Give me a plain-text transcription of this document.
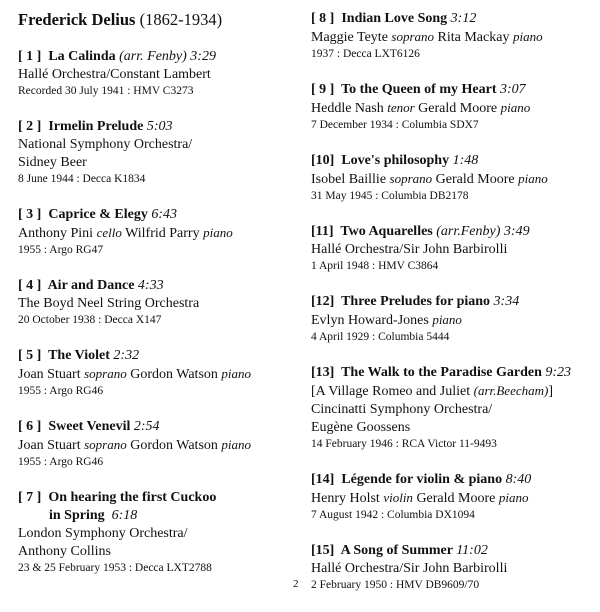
Frederick Delius (1862-1934)
[ 1 ] La Calinda (arr. Fenby) 3:29
Hallé Orchestra/Constant Lambert
Recorded 30 July 1941 : HMV C3273
[ 2 ] Irmelin Prelude 5:03
National Symphony Orchestra/
Sidney Beer
8 June 1944 : Decca K1834
[ 3 ] Caprice & Elegy 6:43
Anthony Pini cello Wilfrid Parry piano
1955 : Argo RG47
[ 4 ] Air and Dance 4:33
The Boyd Neel String Orchestra
20 October 1938 : Decca X147
[ 5 ] The Violet 2:32
Joan Stuart soprano Gordon Watson piano
1955 : Argo RG46
[ 6 ] Sweet Venevil 2:54
Joan Stuart soprano Gordon Watson piano
1955 : Argo RG46
[ 7 ] On hearing the first Cuckoo
in Spring 6:18
London Symphony Orchestra/
Anthony Collins
23 & 25 February 1953 : Decca LXT2788
[ 8 ] Indian Love Song 3:12
Maggie Teyte soprano Rita Mackay piano
1937 : Decca LXT6126
[ 9 ] To the Queen of my Heart 3:07
Heddle Nash tenor Gerald Moore piano
7 December 1934 : Columbia SDX7
[10] Love's philosophy 1:48
Isobel Baillie soprano Gerald Moore piano
31 May 1945 : Columbia DB2178
[11] Two Aquarelles (arr.Fenby) 3:49
Hallé Orchestra/Sir John Barbirolli
1 April 1948 : HMV C3864
[12] Three Preludes for piano 3:34
Evlyn Howard-Jones piano
4 April 1929 : Columbia 5444
[13] The Walk to the Paradise Garden 9:23
[A Village Romeo and Juliet (arr.Beecham)]
Cincinatti Symphony Orchestra/
Eugène Goossens
14 February 1946 : RCA Victor 11-9493
[14] Légende for violin & piano 8:40
Henry Holst violin Gerald Moore piano
7 August 1942 : Columbia DX1094
[15] A Song of Summer 11:02
Hallé Orchestra/Sir John Barbirolli
2 February 1950 : HMV DB9609/70
2
